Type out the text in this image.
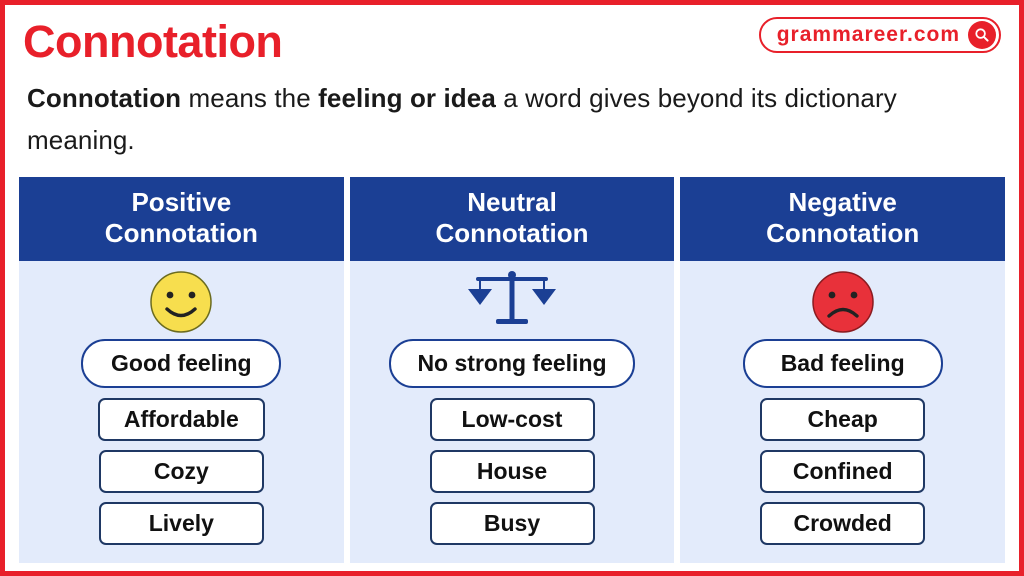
Connotation	grammareer.com
Connotation means the feeling or idea a word gives beyond its dictionary meaning.
Positive
Connotation
Good feeling
Affordable
Cozy
Lively
Neutral
Connotation
No strong feeling
Low-cost
House
Busy
Negative
Connotation
Bad feeling
Cheap
Confined
Crowded
